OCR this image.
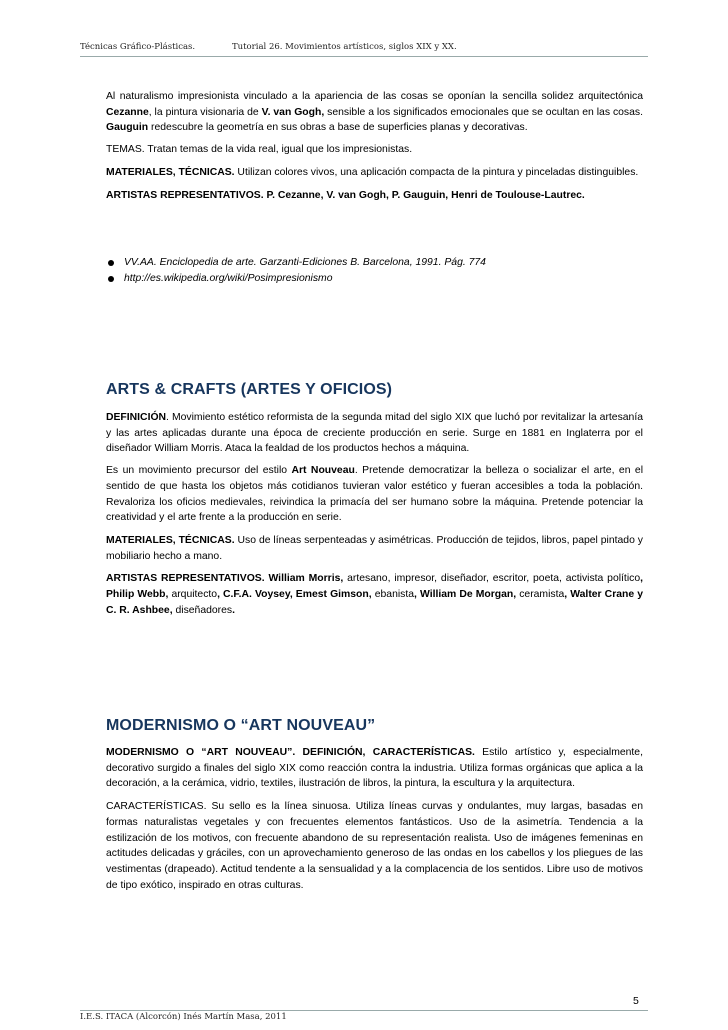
Técnicas Gráfico-Plásticas.	Tutorial 26. Movimientos artísticos, siglos XIX y XX.

Al naturalismo impresionista vinculado a la apariencia de las cosas se oponían la sencilla solidez arquitectónica Cezanne, la pintura visionaria de V. van Gogh, sensible a los significados emocionales que se ocultan en las cosas. Gauguin redescubre la geometría en sus obras a base de superficies planas y decorativas.

TEMAS. Tratan temas de la vida real, igual que los impresionistas.

MATERIALES, TÉCNICAS. Utilizan colores vivos, una aplicación compacta de la pintura y pinceladas distinguibles.

ARTISTAS REPRESENTATIVOS. P. Cezanne, V. van Gogh, P. Gauguin, Henri de Toulouse-Lautrec.

VV.AA. Enciclopedia de arte. Garzanti-Ediciones B. Barcelona, 1991. Pág. 774
http://es.wikipedia.org/wiki/Posimpresionismo
ARTS & CRAFTS (ARTES Y OFICIOS)

DEFINICIÓN. Movimiento estético reformista de la segunda mitad del siglo XIX que luchó por revitalizar la artesanía y las artes aplicadas durante una época de creciente producción en serie. Surge en 1881 en Inglaterra por el diseñador William Morris. Ataca la fealdad de los productos hechos a máquina.

Es un movimiento precursor del estilo Art Nouveau. Pretende democratizar la belleza o socializar el arte, en el sentido de que hasta los objetos más cotidianos tuvieran valor estético y fueran accesibles a toda la población. Revaloriza los oficios medievales, reivindica la primacía del ser humano sobre la máquina. Pretende potenciar la creatividad y el arte frente a la producción en serie.

MATERIALES, TÉCNICAS. Uso de líneas serpenteadas y asimétricas. Producción de tejidos, libros, papel pintado y mobiliario hecho a mano.

ARTISTAS REPRESENTATIVOS. William Morris, artesano, impresor, diseñador, escritor, poeta, activista político, Philip Webb, arquitecto, C.F.A. Voysey, Emest Gimson, ebanista, William De Morgan, ceramista, Walter Crane y C. R. Ashbee, diseñadores.

MODERNISMO O “ART NOUVEAU”

MODERNISMO O “ART NOUVEAU”. DEFINICIÓN, CARACTERÍSTICAS. Estilo artístico y, especialmente, decorativo surgido a finales del siglo XIX como reacción contra la industria. Utiliza formas orgánicas que aplica a la decoración, a la cerámica, vidrio, textiles, ilustración de libros, la pintura, la escultura y la arquitectura.

CARACTERÍSTICAS. Su sello es la línea sinuosa. Utiliza líneas curvas y ondulantes, muy largas, basadas en formas naturalistas vegetales y con frecuentes elementos fantásticos. Uso de la asimetría. Tendencia a la estilización de los motivos, con frecuente abandono de su representación realista. Uso de imágenes femeninas en actitudes delicadas y gráciles, con un aprovechamiento generoso de las ondas en los cabellos y los pliegues de las vestimentas (drapeado). Actitud tendente a la sensualidad y a la complacencia de los sentidos. Libre uso de motivos de tipo exótico, inspirado en otras culturas.

5
I.E.S. ITACA (Alcorcón) Inés Martín Masa, 2011
